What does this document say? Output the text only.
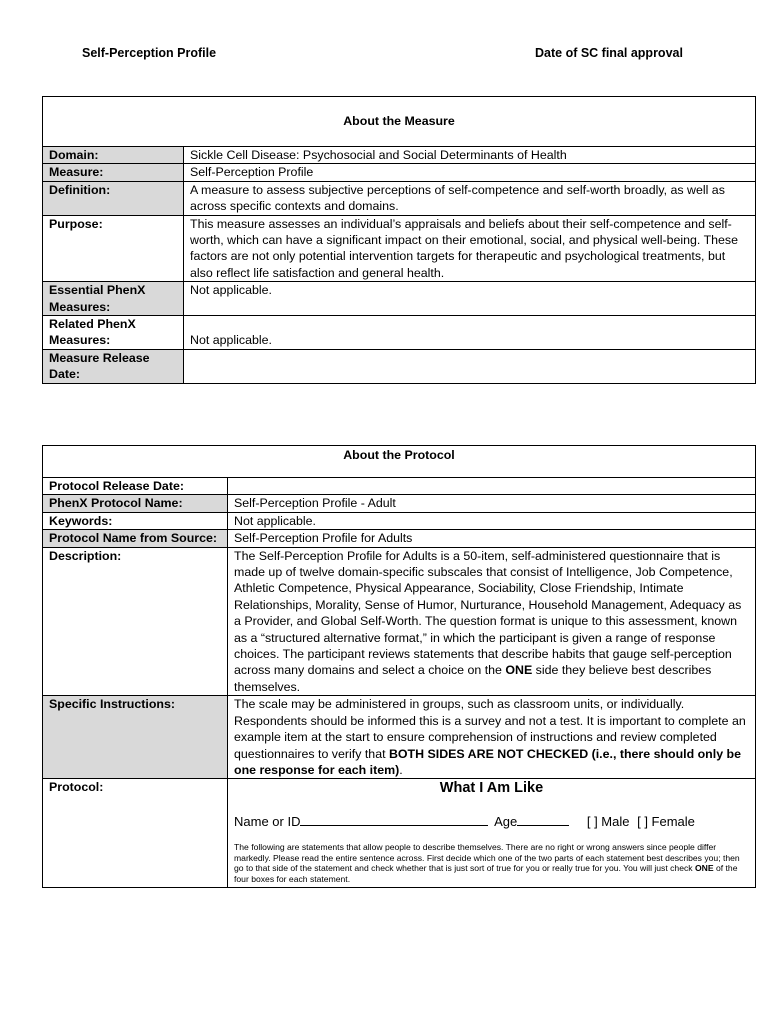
Self-Perception Profile	Date of SC final approval
About the Measure	
Domain:	Sickle Cell Disease: Psychosocial and Social Determinants of Health
Measure:	Self-Perception Profile
Definition:	A measure to assess subjective perceptions of self-competence and self-worth broadly, as well as across specific contexts and domains.
Purpose:	This measure assesses an individual’s appraisals and beliefs about their self-competence and self-worth, which can have a significant impact on their emotional, social, and physical well-being. These factors are not only potential intervention targets for therapeutic and psychological treatments, but also reflect life satisfaction and general health.
Essential PhenX Measures:	Not applicable.
Related PhenX Measures:	Not applicable.
Measure Release Date:	
About the Protocol	
Protocol Release Date:	
PhenX Protocol Name:	Self-Perception Profile - Adult
Keywords:	Not applicable.
Protocol Name from Source:	Self-Perception Profile for Adults
Description:	The Self-Perception Profile for Adults is a 50-item, self-administered questionnaire that is made up of twelve domain-specific subscales that consist of Intelligence, Job Competence, Athletic Competence, Physical Appearance, Sociability, Close Friendship, Intimate Relationships, Morality, Sense of Humor, Nurturance, Household Management, Adequacy as a Provider, and Global Self-Worth. The question format is unique to this assessment, known as a “structured alternative format,” in which the participant is given a range of response choices. The participant reviews statements that describe habits that gauge self-perception across many domains and select a choice on the ONE side they believe best describes themselves.
Specific Instructions:	The scale may be administered in groups, such as classroom units, or individually. Respondents should be informed this is a survey and not a test. It is important to complete an example item at the start to ensure comprehension of instructions and review completed questionnaires to verify that BOTH SIDES ARE NOT CHECKED (i.e., there should only be one response for each item).
Protocol:	What I Am Like
Name or ID Age [ ] Male [ ] Female
The following are statements that allow people to describe themselves. There are no right or wrong answers since people differ markedly. Please read the entire sentence across. First decide which one of the two parts of each statement best describes you; then go to that side of the statement and check whether that is just sort of true for you or really true for you. You will just check ONE of the four boxes for each statement.
